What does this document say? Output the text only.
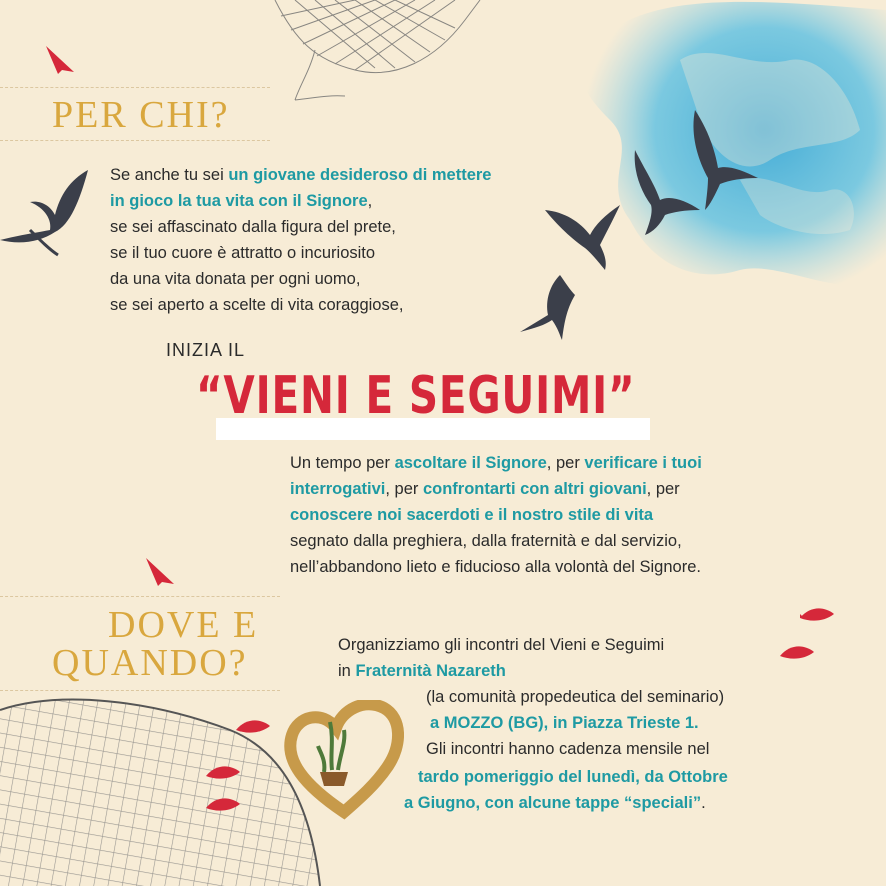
PER CHI?
Se anche tu sei un giovane desideroso di mettere
in gioco la tua vita con il Signore,
se sei affascinato dalla figura del prete,
se il tuo cuore è attratto o incuriosito
da una vita donata per ogni uomo,
se sei aperto a scelte di vita coraggiose,
INIZIA IL
“VIENI E SEGUIMI”
Un tempo per ascoltare il Signore, per verificare i tuoi
interrogativi, per confrontarti con altri giovani, per
conoscere noi sacerdoti e il nostro stile di vita
segnato dalla preghiera, dalla fraternità e dal servizio,
nell’abbandono lieto e fiducioso alla volontà del Signore.
DOVE E
QUANDO?	Organizziamo gli incontri del Vieni e Seguimi
in Fraternità Nazareth
(la comunità propedeutica del seminario)
a MOZZO (BG), in Piazza Trieste 1.
Gli incontri hanno cadenza mensile nel
tardo pomeriggio del lunedì, da Ottobre
a Giugno, con alcune tappe “speciali”.
